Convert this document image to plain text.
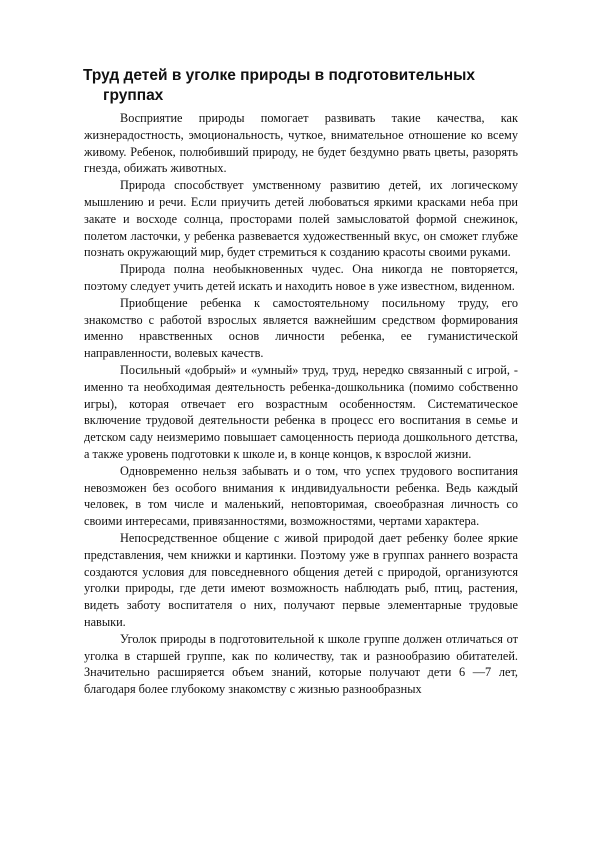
Труд детей в уголке природы в подготовительных
группах

Восприятие природы помогает развивать такие качества, как жизнерадостность, эмоциональность, чуткое, внимательное отношение ко всему живому. Ребенок, полюбивший природу, не будет бездумно рвать цветы, разорять гнезда, обижать животных.

Природа способствует умственному развитию детей, их логическому мышлению и речи. Если приучить детей любоваться яркими красками неба при закате и восходе солнца, просторами полей замысловатой формой снежинок, полетом ласточки, у ребенка развевается художественный вкус, он сможет глубже познать окружающий мир, будет стремиться к созданию красоты своими руками.

Природа полна необыкновенных чудес. Она никогда не повторяется, поэтому следует учить детей искать и находить новое в уже известном, виденном.

Приобщение ребенка к самостоятельному посильному труду, его знакомство с работой взрослых является важнейшим средством формирования именно нравственных основ личности ребенка, ее гуманистической направленности, волевых качеств.

Посильный «добрый» и «умный» труд, труд, нередко связанный с игрой, - именно та необходимая деятельность ребенка-дошкольника (помимо собственно игры), которая отвечает его возрастным особенностям. Систематическое включение трудовой деятельности ребенка в процесс его воспитания в семье и детском саду неизмеримо повышает самоценность периода дошкольного детства, а также уровень подготовки к школе и, в конце концов, к взрослой жизни.

Одновременно нельзя забывать и о том, что успех трудового воспитания невозможен без особого внимания к индивидуальности ребенка. Ведь каждый человек, в том числе и маленький, неповторимая, своеобразная личность со своими интересами, привязанностями, возможностями, чертами характера.

Непосредственное общение с живой природой дает ребенку более яркие представления, чем книжки и картинки. Поэтому уже в группах раннего возраста создаются условия для повседневного общения детей с природой, организуются уголки природы, где дети имеют возможность наблюдать рыб, птиц, растения, видеть заботу воспитателя о них, получают первые элементарные трудовые навыки.

Уголок природы в подготовительной к школе группе должен отличаться от уголка в старшей группе, как по количеству, так и разнообразию обитателей. Значительно расширяется объем знаний, которые получают дети 6 —7 лет, благодаря более глубокому знакомству с жизнью разнообразных
